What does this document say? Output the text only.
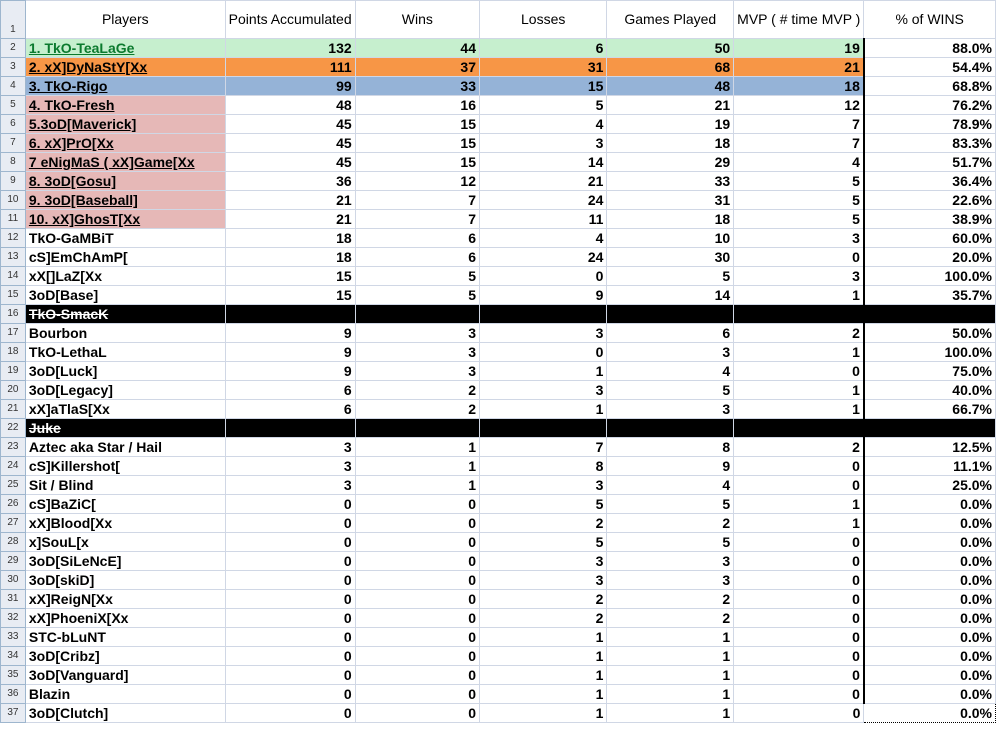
1	Players	Points Accumulated	Wins	Losses	Games Played	MVP ( # time MVP )	% of WINS
2	1. TkO-TeaLaGe	132	44	6	50	19	88.0%
3	2. xX]DyNaStY[Xx	111	37	31	68	21	54.4%
4	3. TkO-Rigo	99	33	15	48	18	68.8%
5	4. TkO-Fresh	48	16	5	21	12	76.2%
6	5.3oD[Maverick]	45	15	4	19	7	78.9%
7	6. xX]PrO[Xx	45	15	3	18	7	83.3%
8	7 eNigMaS ( xX]Game[Xx	45	15	14	29	4	51.7%
9	8. 3oD[Gosu]	36	12	21	33	5	36.4%
10	9. 3oD[Baseball]	21	7	24	31	5	22.6%
11	10. xX]GhosT[Xx	21	7	11	18	5	38.9%
12	TkO-GaMBiT	18	6	4	10	3	60.0%
13	cS]EmChAmP[	18	6	24	30	0	20.0%
14	xX[]LaZ[Xx	15	5	0	5	3	100.0%
15	3oD[Base]	15	5	9	14	1	35.7%
16	TkO-SmacK						
17	Bourbon	9	3	3	6	2	50.0%
18	TkO-LethaL	9	3	0	3	1	100.0%
19	3oD[Luck]	9	3	1	4	0	75.0%
20	3oD[Legacy]	6	2	3	5	1	40.0%
21	xX]aTlaS[Xx	6	2	1	3	1	66.7%
22	Juke						
23	Aztec aka Star / Hail	3	1	7	8	2	12.5%
24	cS]Killershot[	3	1	8	9	0	11.1%
25	Sit / Blind	3	1	3	4	0	25.0%
26	cS]BaZiC[	0	0	5	5	1	0.0%
27	xX]Blood[Xx	0	0	2	2	1	0.0%
28	x]SouL[x	0	0	5	5	0	0.0%
29	3oD[SiLeNcE]	0	0	3	3	0	0.0%
30	3oD[skiD]	0	0	3	3	0	0.0%
31	xX]ReigN[Xx	0	0	2	2	0	0.0%
32	xX]PhoeniX[Xx	0	0	2	2	0	0.0%
33	STC-bLuNT	0	0	1	1	0	0.0%
34	3oD[Cribz]	0	0	1	1	0	0.0%
35	3oD[Vanguard]	0	0	1	1	0	0.0%
36	Blazin	0	0	1	1	0	0.0%
37	3oD[Clutch]	0	0	1	1	0	0.0%
